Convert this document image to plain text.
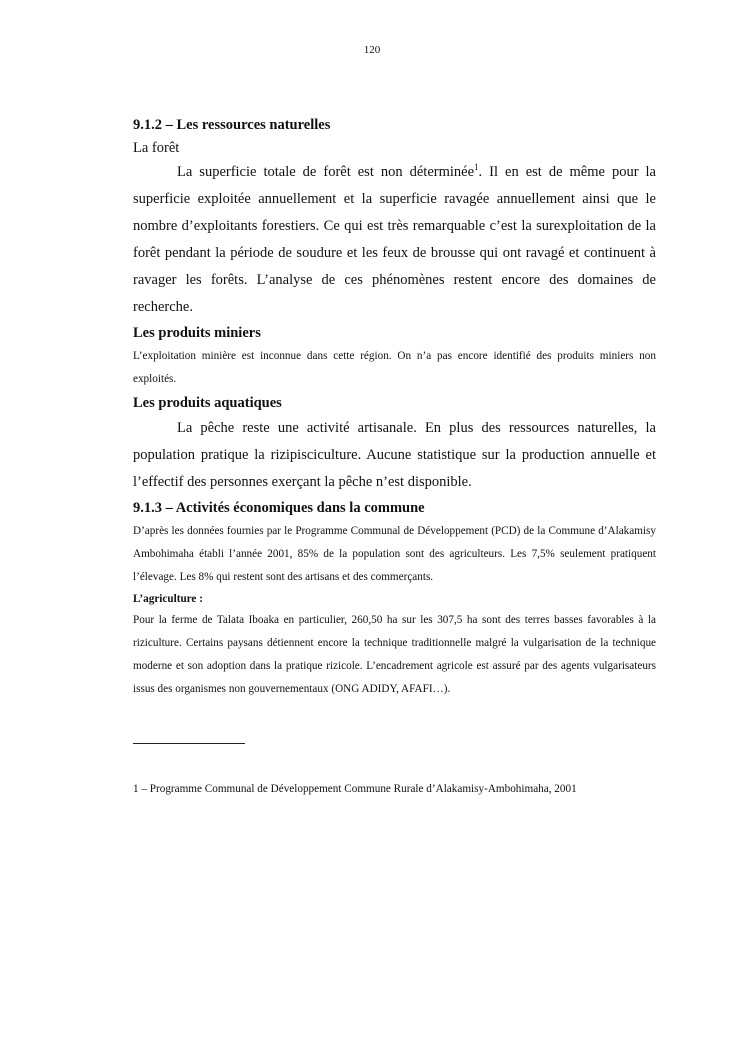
120
9.1.2 – Les ressources naturelles

La forêt

La superficie totale de forêt est non déterminée$^1$. Il en est de même pour la superficie exploitée annuellement et la superficie ravagée annuellement ainsi que le nombre d’exploitants forestiers. Ce qui est très remarquable c’est la surexploitation de la forêt pendant la période de soudure et les feux de brousse qui ont ravagé et continuent à ravager les forêts. L’analyse de ces phénomènes restent encore des domaines de recherche.

Les produits miniers

L’exploitation minière est inconnue dans cette région. On n’a pas encore identifié des produits miniers non exploités.

Les produits aquatiques

La pêche reste une activité artisanale. En plus des ressources naturelles, la population pratique la rizipisciculture. Aucune statistique sur la production annuelle et l’effectif des personnes exerçant la pêche n’est disponible.

9.1.3 – Activités économiques dans la commune

D’après les données fournies par le Programme Communal de Développement (PCD) de la Commune d’Alakamisy Ambohimaha établi l’année 2001, 85% de la population sont des agriculteurs. Les 7,5% seulement pratiquent l’élevage. Les 8% qui restent sont des artisans et des commerçants.

L’agriculture :

Pour la ferme de Talata Iboaka en particulier, 260,50 ha sur les 307,5 ha sont des terres basses favorables à la riziculture. Certains paysans détiennent encore la technique traditionnelle malgré la vulgarisation de la technique moderne et son adoption dans la pratique rizicole. L’encadrement agricole est assuré par des agents vulgarisateurs issus des organismes non gouvernementaux (ONG ADIDY, AFAFI…).

1 – Programme Communal de Développement Commune Rurale d’Alakamisy-Ambohimaha, 2001
